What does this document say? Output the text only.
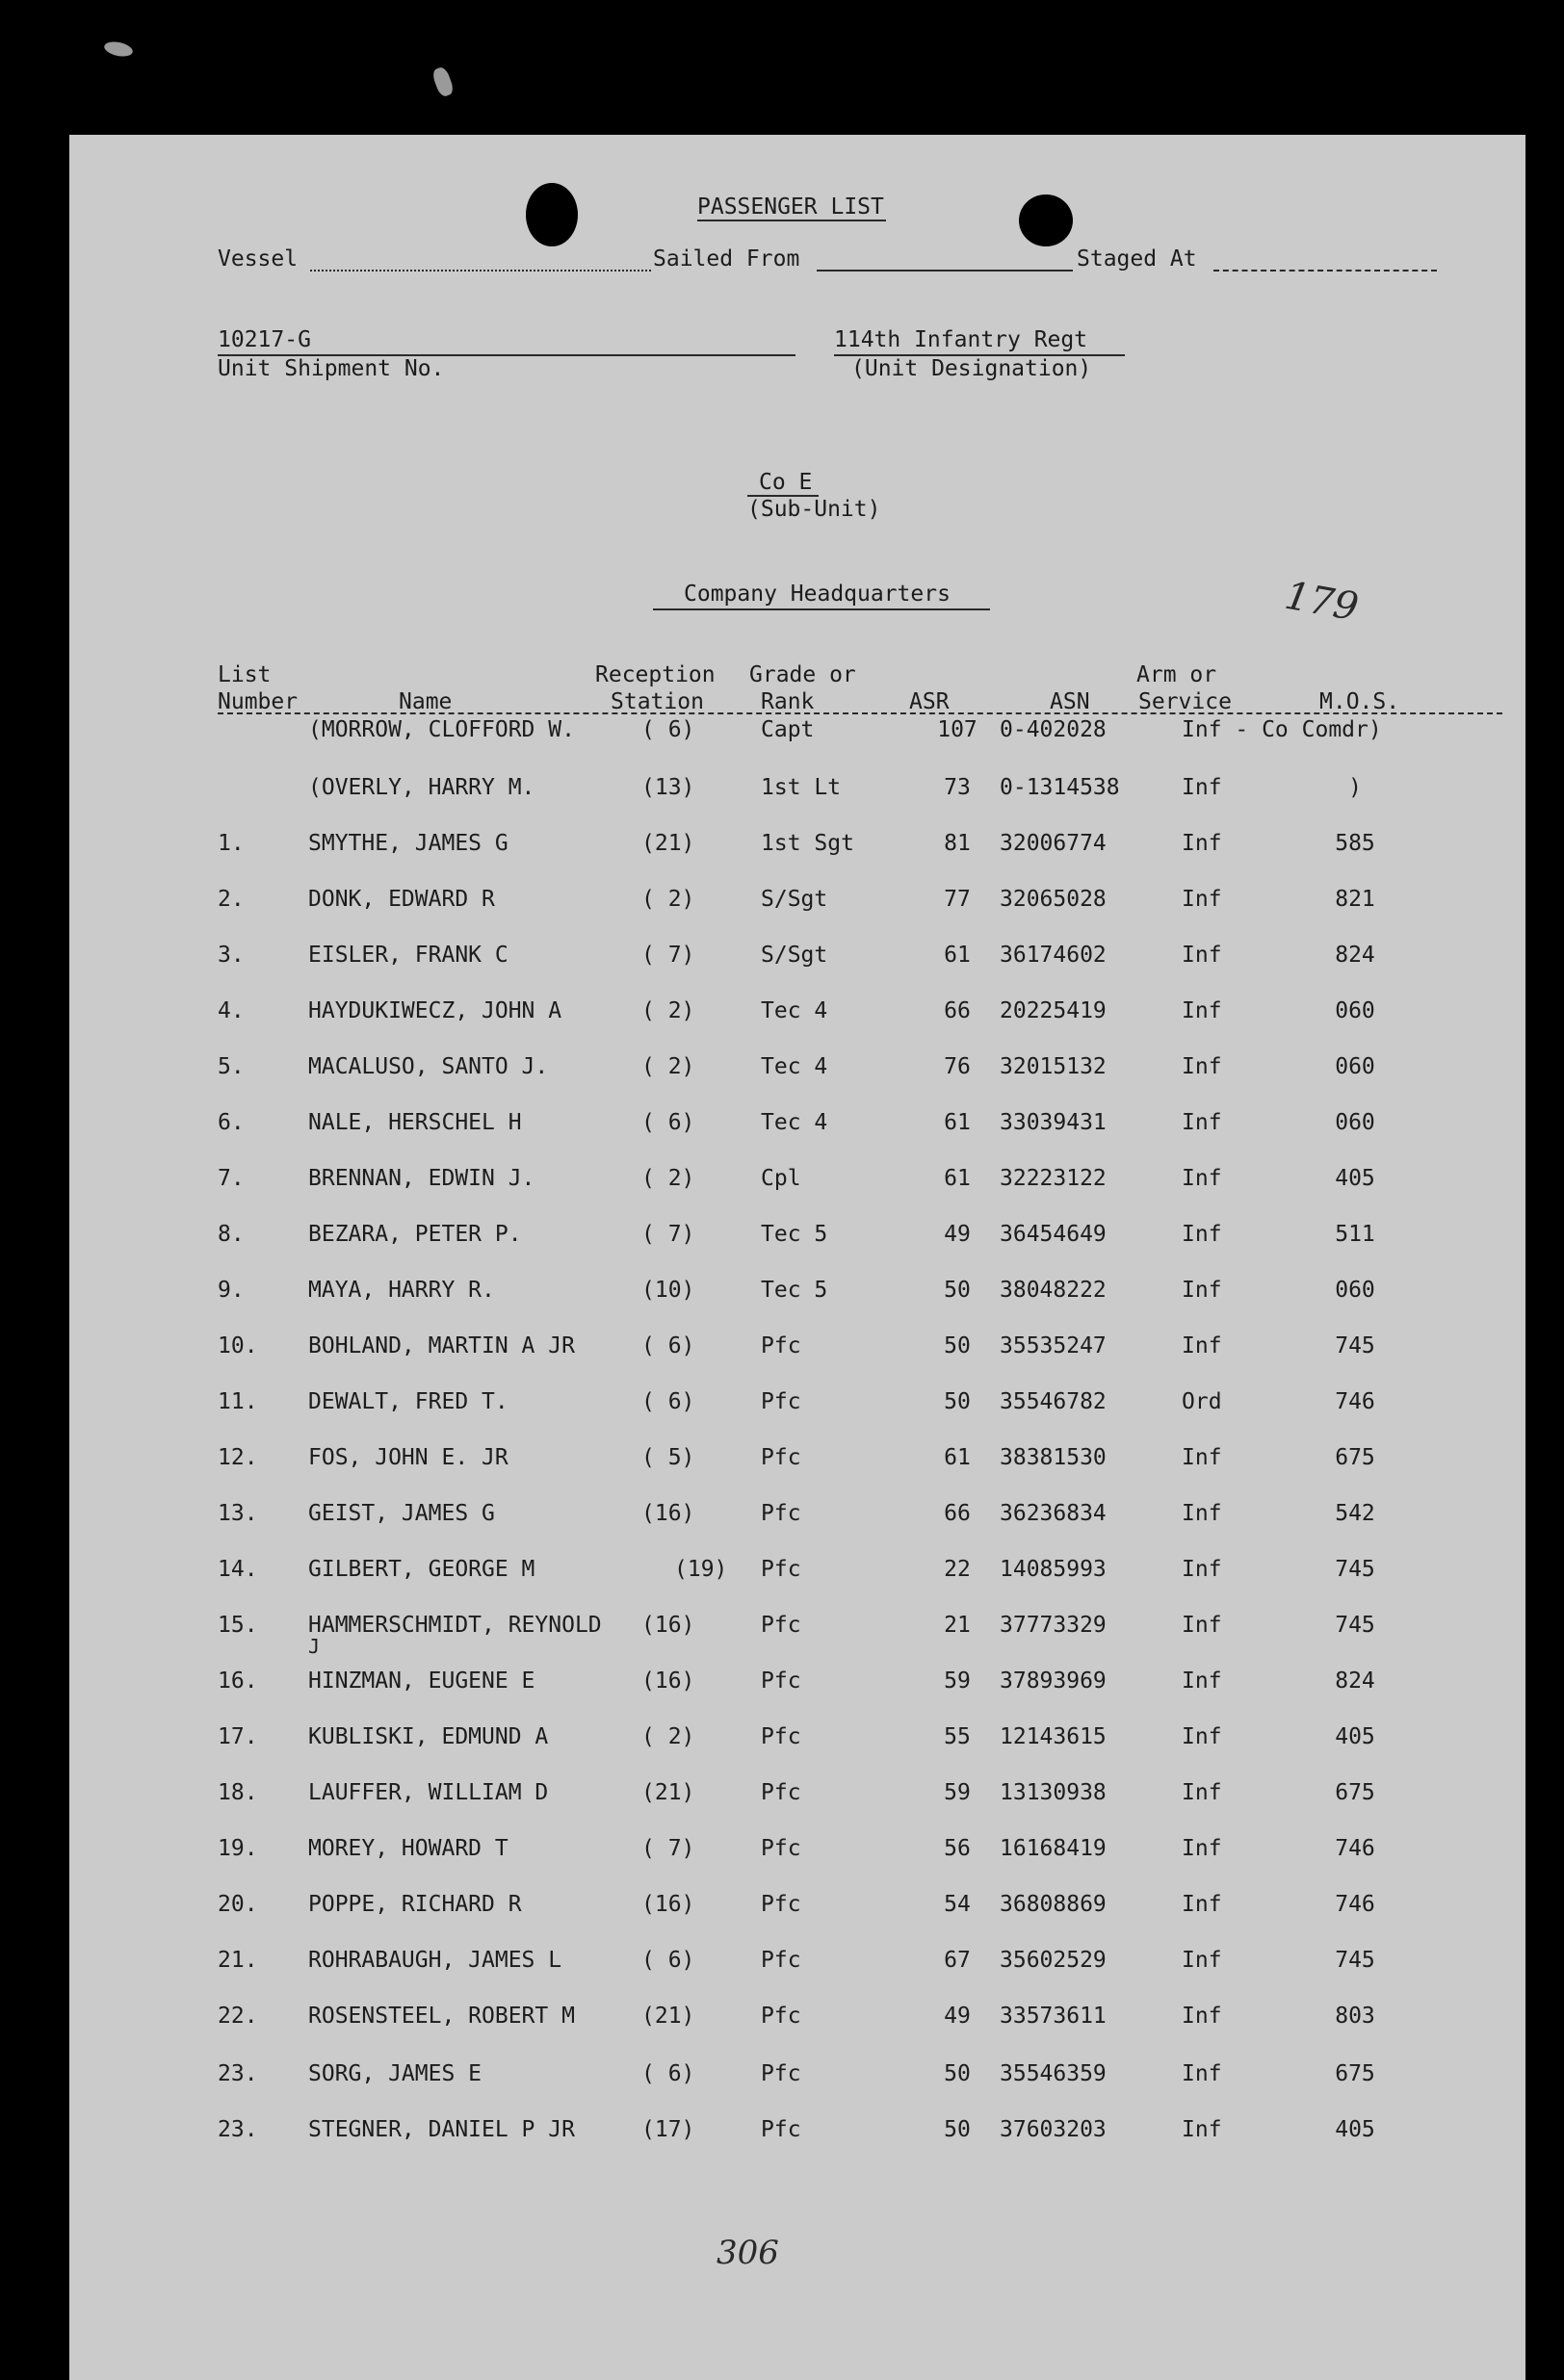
PASSENGER LIST
Vessel	Sailed From	Staged At
10217-G
Unit Shipment No.
114th Infantry Regt
(Unit Designation)
Co E
(Sub-Unit)
Company Headquarters	179
List
Number	Name
Reception
Station
Grade or
Rank	ASR	ASN
Arm or
Service	M.O.S.
(MORROW, CLOFFORD W.	( 6)	Capt	107	0-402028	Inf - Co Comdr)
(OVERLY, HARRY M.	(13)	1st Lt	73	0-1314538	Inf	)
1.	SMYTHE, JAMES G	(21)	1st Sgt	81	32006774	Inf	585
2.	DONK, EDWARD R	( 2)	S/Sgt	77	32065028	Inf	821
3.	EISLER, FRANK C	( 7)	S/Sgt	61	36174602	Inf	824
4.	HAYDUKIWECZ, JOHN A	( 2)	Tec 4	66	20225419	Inf	060
5.	MACALUSO, SANTO J.	( 2)	Tec 4	76	32015132	Inf	060
6.	NALE, HERSCHEL H	( 6)	Tec 4	61	33039431	Inf	060
7.	BRENNAN, EDWIN J.	( 2)	Cpl	61	32223122	Inf	405
8.	BEZARA, PETER P.	( 7)	Tec 5	49	36454649	Inf	511
9.	MAYA, HARRY R.	(10)	Tec 5	50	38048222	Inf	060
10. BOHLAND, MARTIN A JR	( 6)	Pfc	50	35535247	Inf	745
11. DEWALT, FRED T.	( 6)	Pfc	50	35546782	Ord	746
12. FOS, JOHN E. JR	( 5)	Pfc	61	38381530	Inf	675
13. GEIST, JAMES G	(16)	Pfc	66	36236834	Inf	542
14. GILBERT, GEORGE M	(19) Pfc	22	14085993	Inf	745
15. HAMMERSCHMIDT, REYNOLD (16)	Pfc	21	37773329	Inf	745
J
16. HINZMAN, EUGENE E	(16)	Pfc	59	37893969	Inf	824
17. KUBLISKI, EDMUND A	( 2)	Pfc	55	12143615	Inf	405
18. LAUFFER, WILLIAM D	(21)	Pfc	59	13130938	Inf	675
19. MOREY, HOWARD T	( 7)	Pfc	56	16168419	Inf	746
20. POPPE, RICHARD R	(16)	Pfc	54	36808869	Inf	746
21. ROHRABAUGH, JAMES L	( 6)	Pfc	67	35602529	Inf	745
22. ROSENSTEEL, ROBERT M	(21)	Pfc	49	33573611	Inf	803
23. SORG, JAMES E	( 6)	Pfc	50	35546359	Inf	675
23. STEGNER, DANIEL P JR	(17)	Pfc	50	37603203	Inf	405
306
